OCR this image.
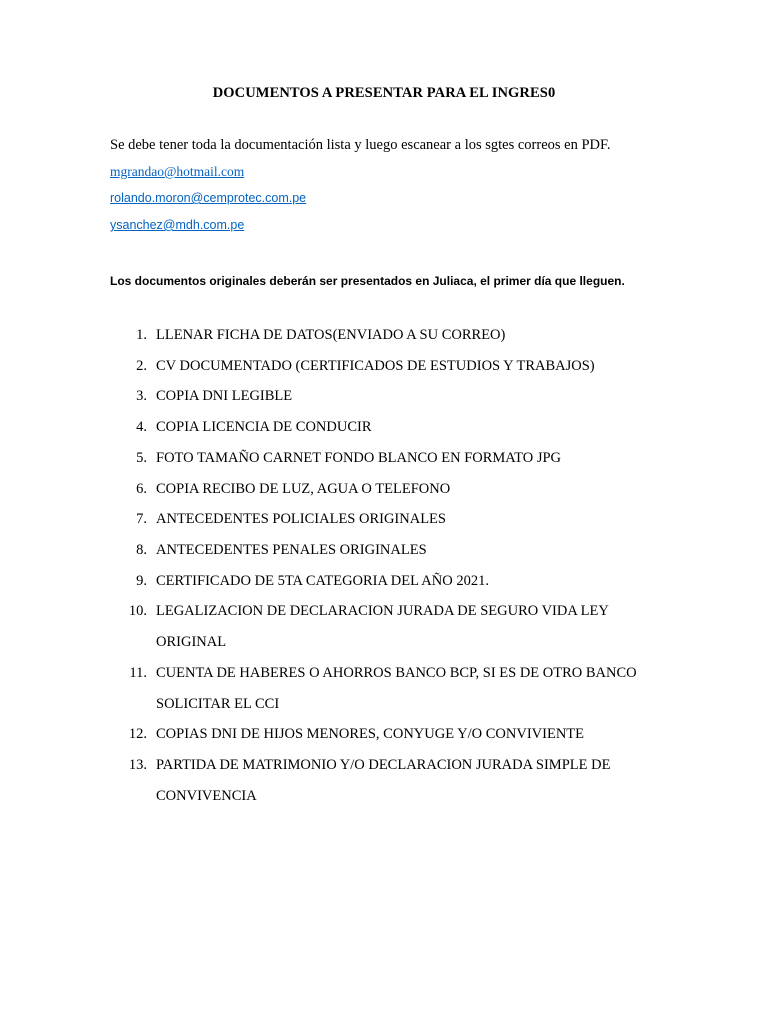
DOCUMENTOS A PRESENTAR PARA EL INGRES0
Se debe tener toda la documentación lista y luego escanear a los sgtes correos en PDF.
mgrandao@hotmail.com
rolando.moron@cemprotec.com.pe
ysanchez@mdh.com.pe
Los documentos originales deberán ser presentados en Juliaca, el primer día que lleguen.
1. LLENAR FICHA DE DATOS(ENVIADO A SU CORREO)
2. CV DOCUMENTADO (CERTIFICADOS DE ESTUDIOS Y TRABAJOS)
3. COPIA DNI LEGIBLE
4. COPIA LICENCIA DE CONDUCIR
5. FOTO TAMAÑO CARNET FONDO BLANCO EN FORMATO JPG
6. COPIA RECIBO DE LUZ, AGUA O TELEFONO
7. ANTECEDENTES POLICIALES ORIGINALES
8. ANTECEDENTES PENALES ORIGINALES
9. CERTIFICADO DE 5TA CATEGORIA DEL AÑO 2021.
10. LEGALIZACION DE DECLARACION JURADA DE SEGURO VIDA LEY
ORIGINAL
11. CUENTA DE HABERES O AHORROS BANCO BCP, SI ES DE OTRO BANCO
SOLICITAR EL CCI
12. COPIAS DNI DE HIJOS MENORES, CONYUGE Y/O CONVIVIENTE
13. PARTIDA DE MATRIMONIO Y/O DECLARACION JURADA SIMPLE DE
CONVIVENCIA
